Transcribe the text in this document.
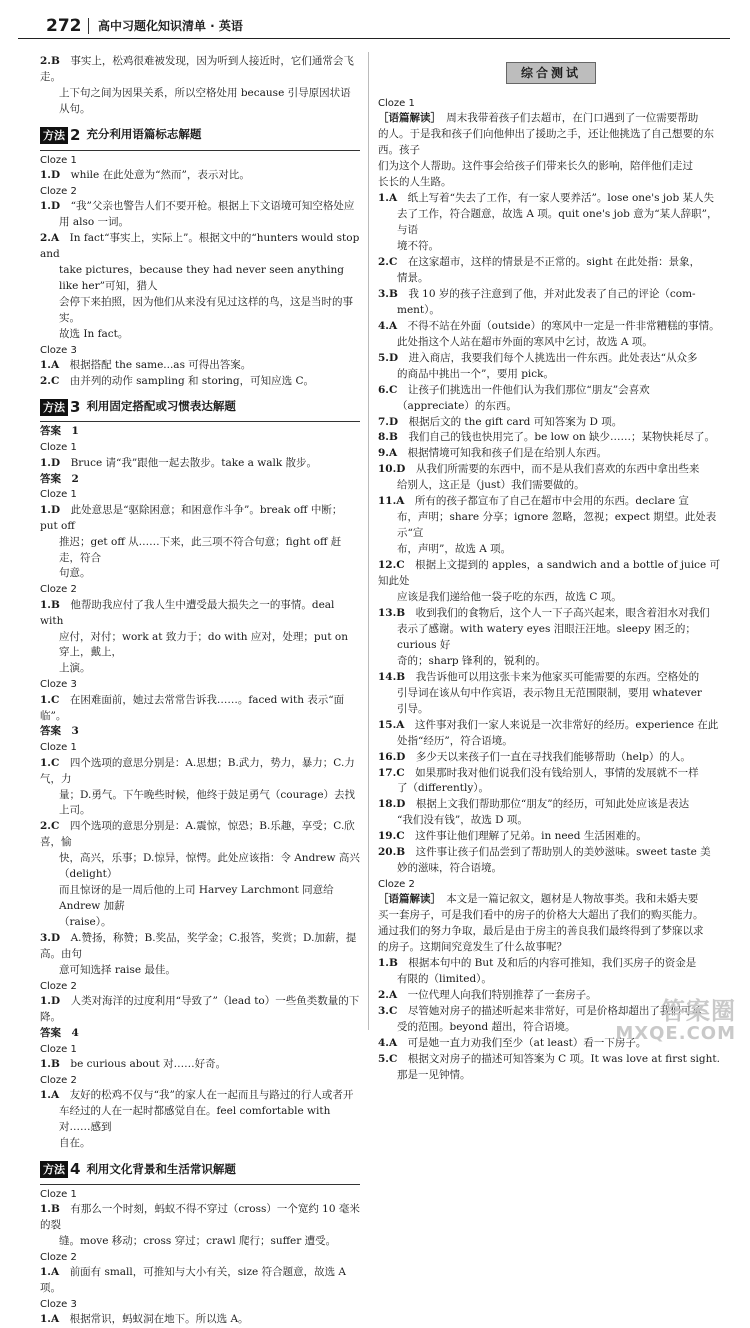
272 高中习题化知识清单 · 英语

2.B　 事实上，松鸡很难被发现，因为听到人接近时，它们通常会飞走。

上下句之间为因果关系，所以空格处用 because 引导原因状语从句。

方法 2 充分利用语篇标志解题

Cloze 1

1.D　 while 在此处意为“然而”，表示对比。

Cloze 2

1.D　 “我”父亲也警告人们不要开枪。根据上下文语境可知空格处应

用 also 一词。

2.A　 In fact“事实上，实际上”。根据文中的“hunters would stop and

take pictures，because they had never seen anything like her”可知，猎人

会停下来拍照，因为他们从来没有见过这样的鸟，这是当时的事实。

故选 In fact。

Cloze 3

1.A　 根据搭配 the same...as 可得出答案。

2.C　 由并列的动作 sampling 和 storing，可知应选 C。

方法 3 利用固定搭配或习惯表达解题

答案　1

Cloze 1

1.D　 Bruce 请“我”跟他一起去散步。take a walk 散步。

答案　2

Cloze 1

1.D　 此处意思是“驱除困意；和困意作斗争”。break off 中断；put off

推迟；get off 从……下来，此三项不符合句意；fight off 赶走，符合

句意。

Cloze 2

1.B　 他帮助我应付了我人生中遭受最大损失之一的事情。deal with

应付，对付；work at 致力于；do with 应对，处理；put on 穿上，戴上，

上演。

Cloze 3

1.C　 在困难面前，她过去常常告诉我……。faced with 表示“面临”。

答案　3

Cloze 1

1.C　 四个选项的意思分别是：A.思想；B.武力，势力，暴力；C.力气，力

量；D.勇气。下午晚些时候，他终于鼓足勇气（courage）去找上司。

2.C　 四个选项的意思分别是：A.震惊，惊恐；B.乐趣，享受；C.欣喜，愉

快，高兴，乐事；D.惊异，惊愕。此处应该指：令 Andrew 高兴（delight）

而且惊讶的是一周后他的上司 Harvey Larchmont 同意给 Andrew 加薪

（raise）。

3.D　 A.赞扬，称赞；B.奖品，奖学金；C.报答，奖赏；D.加薪，提高。由句

意可知选择 raise 最佳。

Cloze 2

1.D　 人类对海洋的过度利用“导致了”（lead to）一些鱼类数量的下降。

答案　4

Cloze 1

1.B　 be curious about 对……好奇。

Cloze 2

1.A　 友好的松鸡不仅与“我”的家人在一起而且与路过的行人或者开

车经过的人在一起时都感觉自在。feel comfortable with 对……感到

自在。

方法 4 利用文化背景和生活常识解题

Cloze 1

1.B　 有那么一个时刻，蚂蚁不得不穿过（cross）一个宽约 10 毫米的裂

缝。move 移动；cross 穿过；crawl 爬行；suffer 遭受。

Cloze 2

1.A　 前面有 small，可推知与大小有关，size 符合题意，故选 A 项。

Cloze 3

1.A　 根据常识，蚂蚁洞在地下。所以选 A。

综合测试

Cloze 1

［语篇解读］　 周末我带着孩子们去超市，在门口遇到了一位需要帮助

的人。于是我和孩子们向他伸出了援助之手，还让他挑选了自己想要的东西。孩子

们为这个人帮助。这件事会给孩子们带来长久的影响，陪伴他们走过

长长的人生路。

1.A　 纸上写着“失去了工作，有一家人要养活”。lose one's job 某人失

去了工作，符合题意，故选 A 项。quit one's job 意为“某人辞职”，与语

境不符。

2.C　 在这家超市，这样的情景是不正常的。sight 在此处指：景象，

情景。

3.B　 我 10 岁的孩子注意到了他，并对此发表了自己的评论（com-

ment）。

4.A　 不得不站在外面（outside）的寒风中一定是一件非常糟糕的事情。

此处指这个人站在超市外面的寒风中乞讨，故选 A 项。

5.D　 进入商店，我要我们每个人挑选出一件东西。此处表达“从众多

的商品中挑出一个”，要用 pick。

6.C　 让孩子们挑选出一件他们认为我们那位“朋友”会喜欢

（appreciate）的东西。

7.D　 根据后文的 the gift card 可知答案为 D 项。

8.B　 我们自己的钱也快用完了。be low on 缺少……；某物快耗尽了。

9.A　 根据情境可知我和孩子们是在给别人东西。

10.D　 从我们所需要的东西中，而不是从我们喜欢的东西中拿出些来

给别人，这正是（just）我们需要做的。

11.A　 所有的孩子都宣布了自己在超市中会用的东西。declare 宣

布，声明；share 分享；ignore 忽略，忽视；expect 期望。此处表示“宣

布，声明”，故选 A 项。

12.C　 根据上文提到的 apples，a sandwich and a bottle of juice 可知此处

应该是我们递给他一袋子吃的东西，故选 C 项。

13.B　 收到我们的食物后，这个人一下子高兴起来，眼含着泪水对我们

表示了感谢。with watery eyes 泪眼汪汪地。sleepy 困乏的；curious 好

奇的；sharp 锋利的，锐利的。

14.B　 我告诉他可以用这张卡来为他家买可能需要的东西。空格处的

引导词在该从句中作宾语，表示物且无范围限制，要用 whatever

引导。

15.A　 这件事对我们一家人来说是一次非常好的经历。experience 在此

处指“经历”，符合语境。

16.D　 多少天以来孩子们一直在寻找我们能够帮助（help）的人。

17.C　 如果那时我对他们说我们没有钱给别人，事情的发展就不一样

了（differently）。

18.D　 根据上文我们帮助那位“朋友”的经历，可知此处应该是表达

“我们没有钱”，故选 D 项。

19.C　 这件事让他们理解了兄弟。in need 生活困难的。

20.B　 这件事让孩子们品尝到了帮助别人的美妙滋味。sweet taste 美

妙的滋味，符合语境。

Cloze 2

［语篇解读］　 本文是一篇记叙文，题材是人物故事类。我和未婚夫要

买一套房子，可是我们看中的房子的价格大大超出了我们的购买能力。

通过我们的努力争取，最后是由于房主的善良我们最终得到了梦寐以求

的房子。这期间究竟发生了什么故事呢？

1.B　 根据本句中的 But 及和后的内容可推知，我们买房子的资金是

有限的（limited）。

2.A　 一位代理人向我们特别推荐了一套房子。

3.C　 尽管她对房子的描述听起来非常好，可是价格却超出了我们可承

受的范围。beyond 超出，符合语境。

4.A　 可是她一直力劝我们至少（at least）看一下房子。

5.C　 根据文对房子的描述可知答案为 C 项。It was love at first sight.

那是一见钟情。

答案圈
MXQE.COM
